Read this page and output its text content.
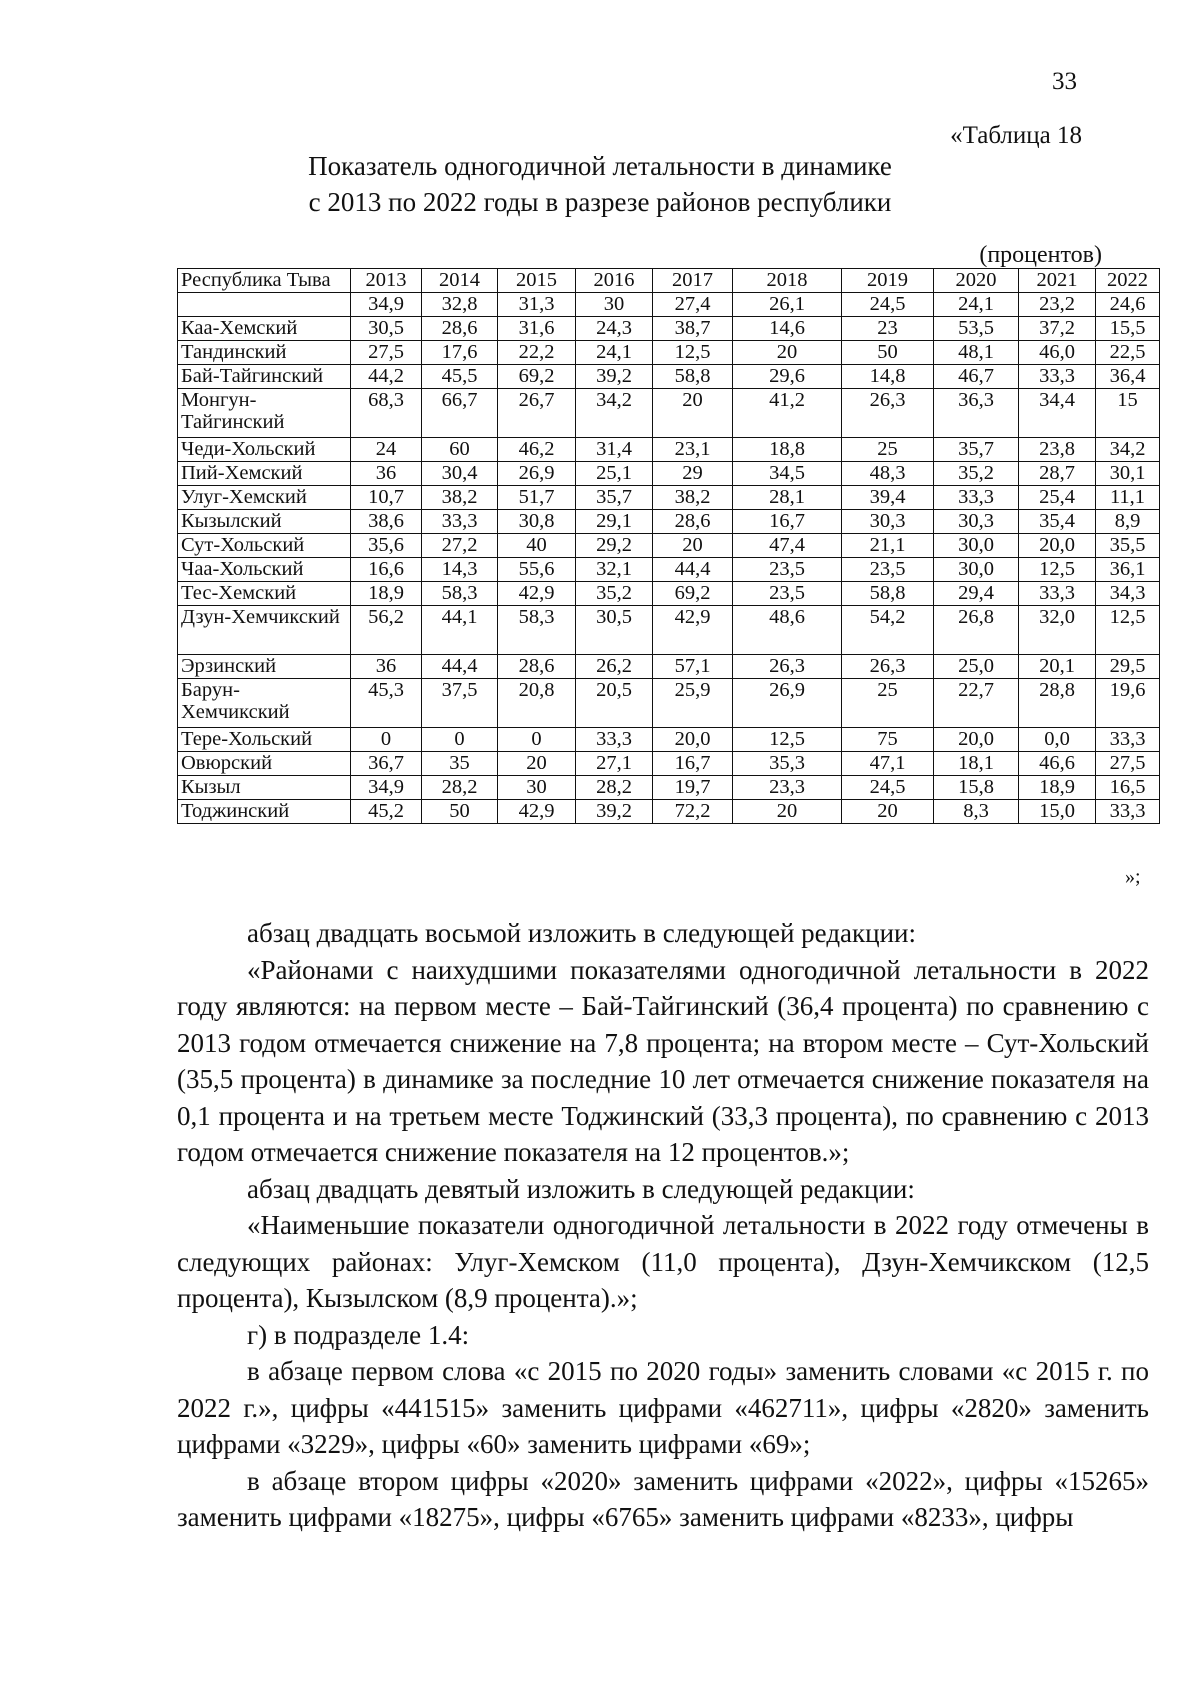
33
«Таблица 18
Показатель одногодичной летальности в динамике
с 2013 по 2022 годы в разрезе районов республики
(процентов)
Республика Тыва	2013	2014	2015	2016	2017	2018	2019	2020	2021	2022
	34,9	32,8	31,3	30	27,4	26,1	24,5	24,1	23,2	24,6
Каа-Хемский	30,5	28,6	31,6	24,3	38,7	14,6	23	53,5	37,2	15,5
Тандинский	27,5	17,6	22,2	24,1	12,5	20	50	48,1	46,0	22,5
Бай-Тайгинский	44,2	45,5	69,2	39,2	58,8	29,6	14,8	46,7	33,3	36,4
Монгун-Тайгинский	68,3	66,7	26,7	34,2	20	41,2	26,3	36,3	34,4	15
Чеди-Хольский	24	60	46,2	31,4	23,1	18,8	25	35,7	23,8	34,2
Пий-Хемский	36	30,4	26,9	25,1	29	34,5	48,3	35,2	28,7	30,1
Улуг-Хемский	10,7	38,2	51,7	35,7	38,2	28,1	39,4	33,3	25,4	11,1
Кызылский	38,6	33,3	30,8	29,1	28,6	16,7	30,3	30,3	35,4	8,9
Сут-Хольский	35,6	27,2	40	29,2	20	47,4	21,1	30,0	20,0	35,5
Чаа-Хольский	16,6	14,3	55,6	32,1	44,4	23,5	23,5	30,0	12,5	36,1
Тес-Хемский	18,9	58,3	42,9	35,2	69,2	23,5	58,8	29,4	33,3	34,3
Дзун-Хемчикский	56,2	44,1	58,3	30,5	42,9	48,6	54,2	26,8	32,0	12,5
Эрзинский	36	44,4	28,6	26,2	57,1	26,3	26,3	25,0	20,1	29,5
Барун-Хемчикский	45,3	37,5	20,8	20,5	25,9	26,9	25	22,7	28,8	19,6
Тере-Хольский	0	0	0	33,3	20,0	12,5	75	20,0	0,0	33,3
Овюрский	36,7	35	20	27,1	16,7	35,3	47,1	18,1	46,6	27,5
Кызыл	34,9	28,2	30	28,2	19,7	23,3	24,5	15,8	18,9	16,5
Тоджинский	45,2	50	42,9	39,2	72,2	20	20	8,3	15,0	33,3
»;

абзац двадцать восьмой изложить в следующей редакции:

«Районами с наихудшими показателями одногодичной летальности в 2022 году являются: на первом месте – Бай-Тайгинский (36,4 процента) по сравнению с 2013 годом отмечается снижение на 7,8 процента; на втором месте – Сут-Хольский (35,5 процента) в динамике за последние 10 лет отмечается снижение показателя на 0,1 процента и на третьем месте Тоджинский (33,3 процента), по сравнению с 2013 годом отмечается снижение показателя на 12 процентов.»;

абзац двадцать девятый изложить в следующей редакции:

«Наименьшие показатели одногодичной летальности в 2022 году отмечены в следующих районах: Улуг-Хемском (11,0 процента), Дзун-Хемчикском (12,5 процента), Кызылском (8,9 процента).»;

г) в подразделе 1.4:

в абзаце первом слова «с 2015 по 2020 годы» заменить словами «с 2015 г. по 2022 г.», цифры «441515» заменить цифрами «462711», цифры «2820» заменить цифрами «3229», цифры «60» заменить цифрами «69»;

в абзаце втором цифры «2020» заменить цифрами «2022», цифры «15265» заменить цифрами «18275», цифры «6765» заменить цифрами «8233», цифры
